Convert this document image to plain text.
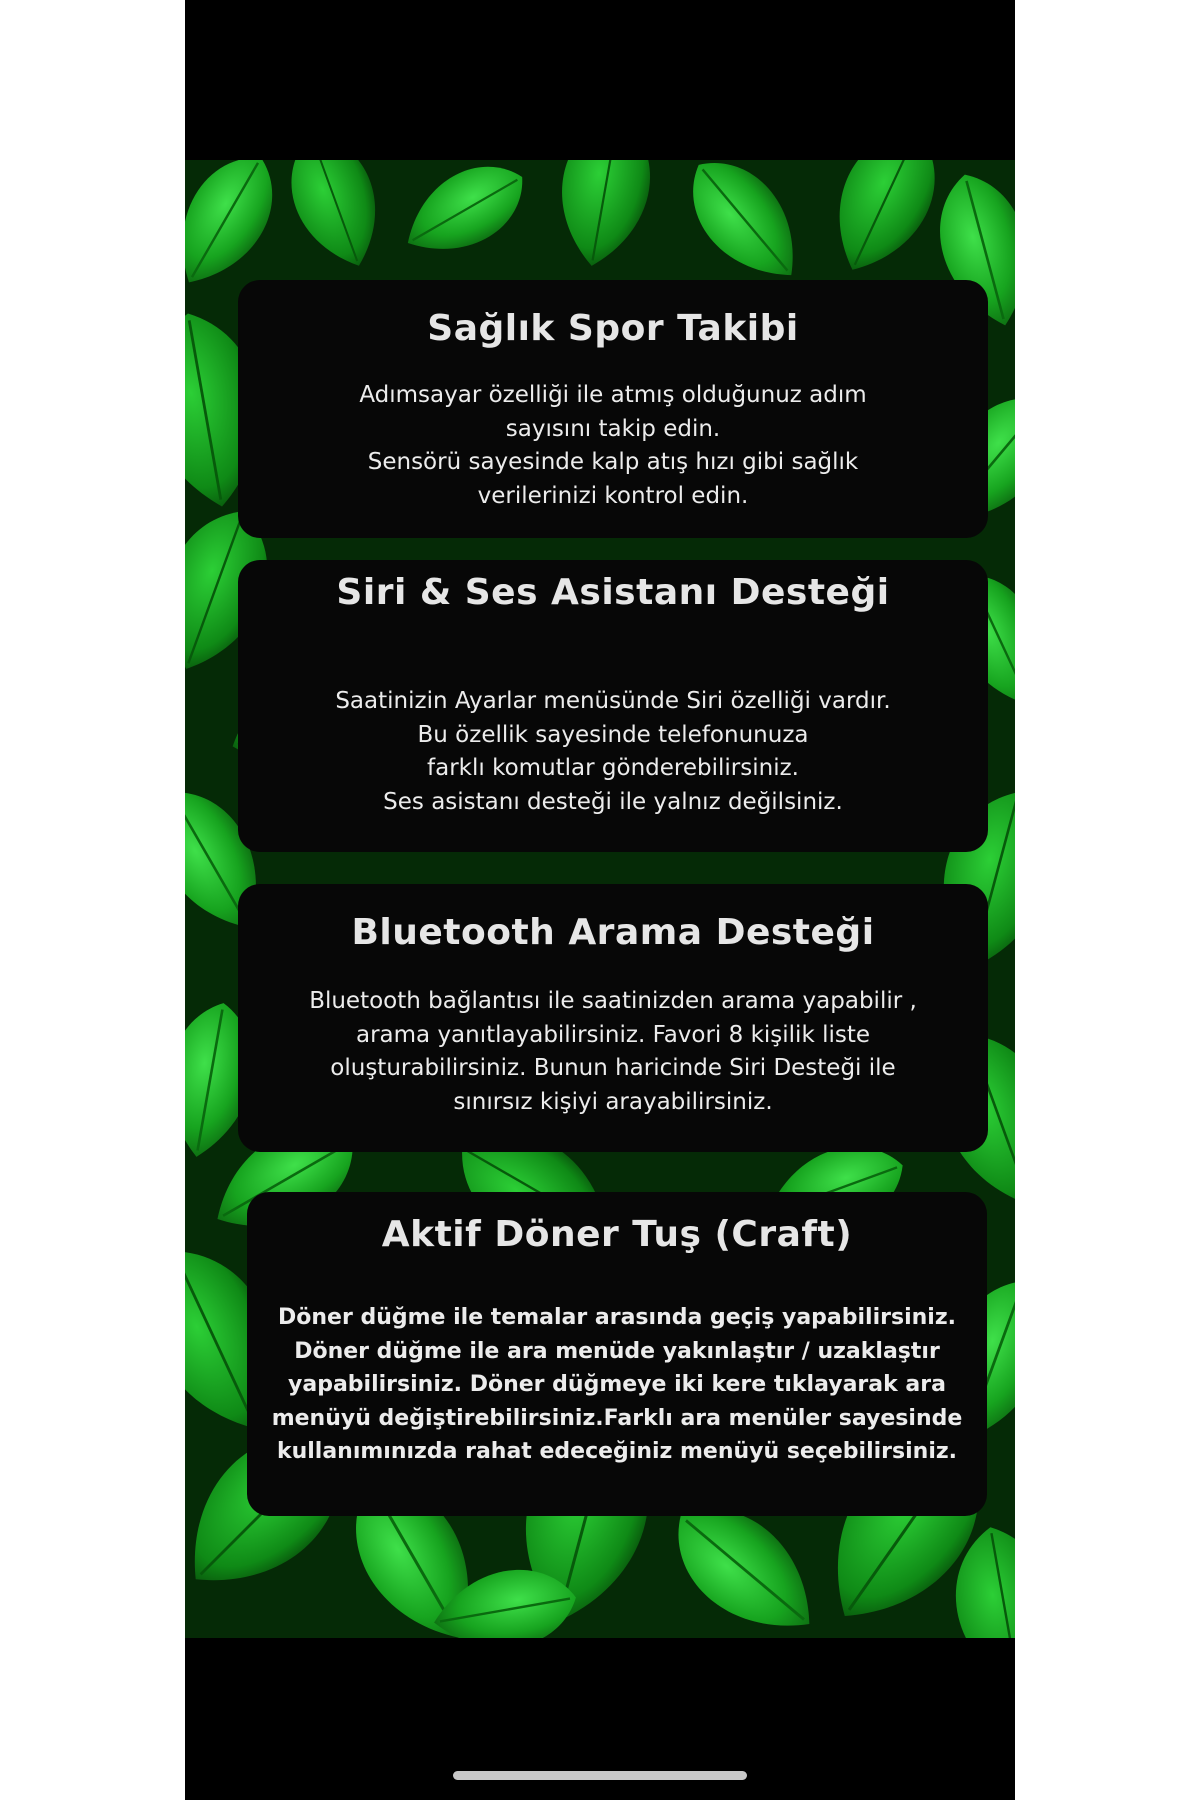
Sağlık Spor Takibi

Adımsayar özelliği ile atmış olduğunuz adım
sayısını takip edin.
Sensörü sayesinde kalp atış hızı gibi sağlık
verilerinizi kontrol edin.

Siri & Ses Asistanı Desteği

Saatinizin Ayarlar menüsünde Siri özelliği vardır.
Bu özellik sayesinde telefonunuza
farklı komutlar gönderebilirsiniz.
Ses asistanı desteği ile yalnız değilsiniz.

Bluetooth Arama Desteği

Bluetooth bağlantısı ile saatinizden arama yapabilir ,
arama yanıtlayabilirsiniz. Favori 8 kişilik liste
oluşturabilirsiniz. Bunun haricinde Siri Desteği ile
sınırsız kişiyi arayabilirsiniz.

Aktif Döner Tuş (Craft)

Döner düğme ile temalar arasında geçiş yapabilirsiniz.
Döner düğme ile ara menüde yakınlaştır / uzaklaştır
yapabilirsiniz. Döner düğmeye iki kere tıklayarak ara
menüyü değiştirebilirsiniz.Farklı ara menüler sayesinde
kullanımınızda rahat edeceğiniz menüyü seçebilirsiniz.
